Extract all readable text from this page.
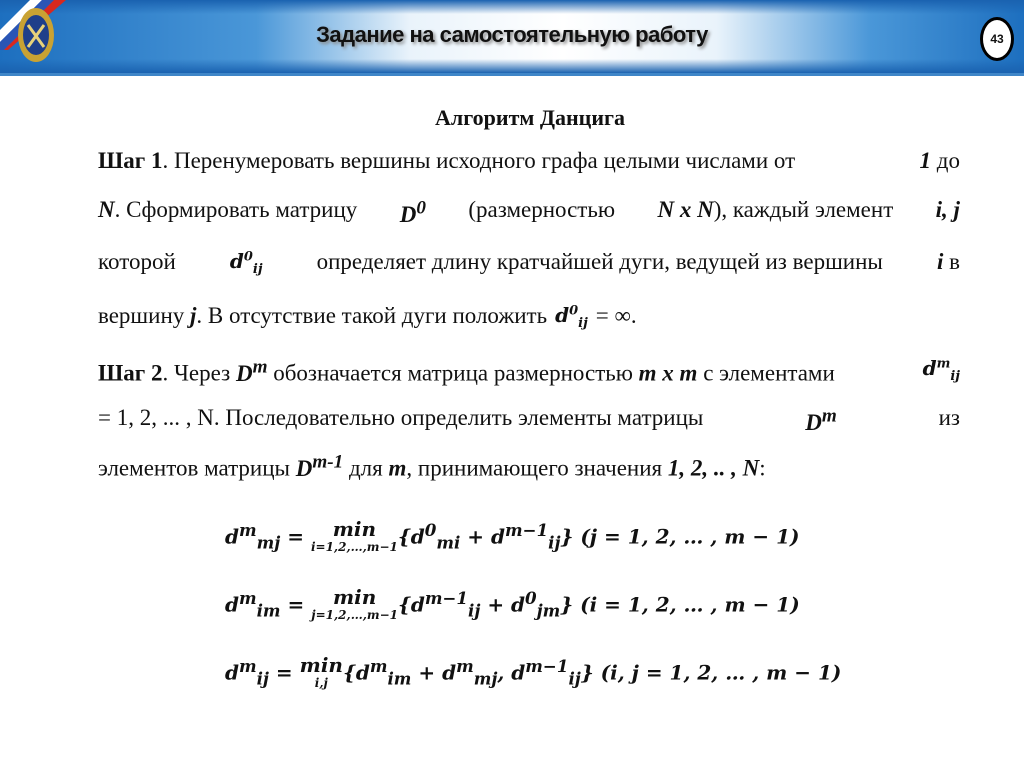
Задание на самостоятельную работу	43
Алгоритм Данцига
Шаг 1. Перенумеровать вершины исходного графа целыми числами от	1 до
N. Сформировать матрицу $D^0$ (размерностью N x N), каждый элемент i, j
которой	$d^0_{ij}$ определяет длину кратчайшей дуги, ведущей из вершины i в
вершину j. В отсутствие такой дуги положить $d^0_{ij}$ = ∞.
Шаг 2. Через $D^m$ обозначается матрица размерностью m x m с элементами	$d^m_{ij}$
= 1, 2, ... , N. Последовательно определить элементы матрицы	$D^m$	из
элементов матрицы $D^{m-1}$ для m, принимающего значения 1, 2, .. , N:
$d^m_{mj} = \min$
i=1,2,…,m−1 $\{d^0_{mi} + d^{m-1}_{ij}\} (j = 1$, 2, … , m − 1)
$d^m_{im} = \min$
j=1,2,…,m−1 $\{d^{m-1}_{ij} + d^0_{jm}\} (i = 1$, 2, … , m − 1)
$d^m_{ij} = \min$
i,j {$d^m_{im} + d^m_{mj}$, $d^{m-1}_{ij}$} (i, j = 1, 2, … , m − 1)
